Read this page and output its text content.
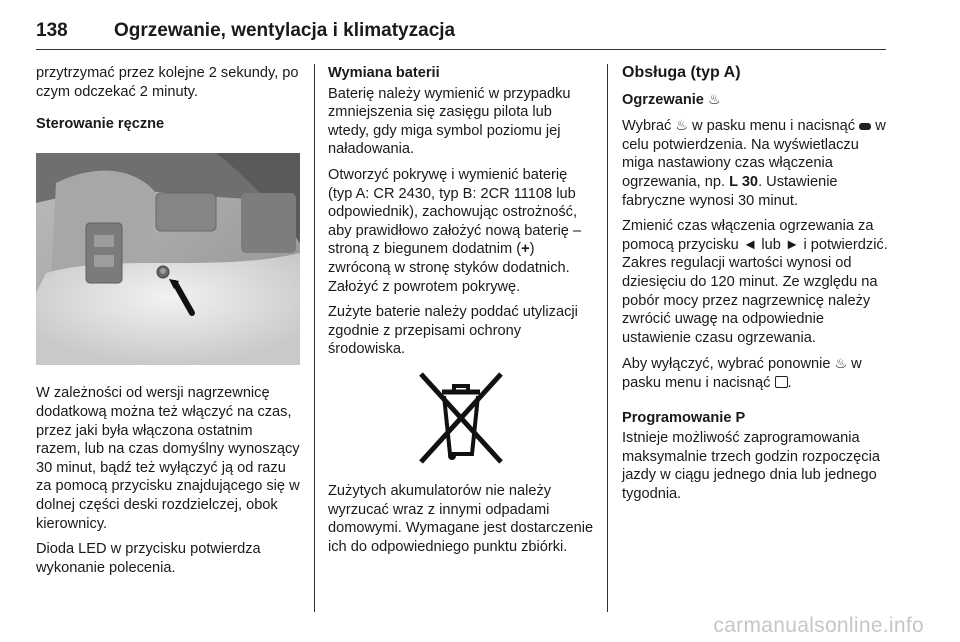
138 Ogrzewanie, wentylacja i klimatyzacja

przytrzymać przez kolejne 2 sekundy, po czym odczekać 2 minuty.

Sterowanie ręczne

W zależności od wersji nagrzewnicę dodatkową można też włączyć na czas, przez jaki była włączona ostatnim razem, lub na czas domyślny wynoszący 30 minut, bądź też wyłączyć ją od razu za pomocą przycisku znajdującego się w dolnej części deski rozdzielczej, obok kierownicy.

Dioda LED w przycisku potwierdza wykonanie polecenia.

Wymiana baterii

Baterię należy wymienić w przypadku zmniejszenia się zasięgu pilota lub wtedy, gdy miga symbol poziomu jej naładowania.

Otworzyć pokrywę i wymienić baterię (typ A: CR 2430, typ B: 2CR 11108 lub odpowiednik), zachowując ostrożność, aby prawidłowo założyć nową baterię – stroną z biegunem dodatnim (+) zwróconą w stronę styków dodatnich. Założyć z powrotem pokrywę.

Zużyte baterie należy poddać utylizacji zgodnie z przepisami ochrony środowiska.

Zużytych akumulatorów nie należy wyrzucać wraz z innymi odpadami domowymi. Wymagane jest dostarczenie ich do odpowiedniego punktu zbiórki.

Obsługa (typ A)

Ogrzewanie ♨

Wybrać ♨ w pasku menu i nacisnąć w celu potwierdzenia. Na wyświetlaczu miga nastawiony czas włączenia ogrzewania, np. L 30. Ustawienie fabryczne wynosi 30 minut.

Zmienić czas włączenia ogrzewania za pomocą przycisku ◄ lub ► i potwierdzić. Zakres regulacji wartości wynosi od dziesięciu do 120 minut. Ze względu na pobór mocy przez nagrzewnicę należy zwrócić uwagę na odpowiednie ustawienie czasu ogrzewania.

Aby wyłączyć, wybrać ponownie ♨ w pasku menu i nacisnąć .

Programowanie P

Istnieje możliwość zaprogramowania maksymalnie trzech godzin rozpoczęcia jazdy w ciągu jednego dnia lub jednego tygodnia.

carmanualsonline.info
